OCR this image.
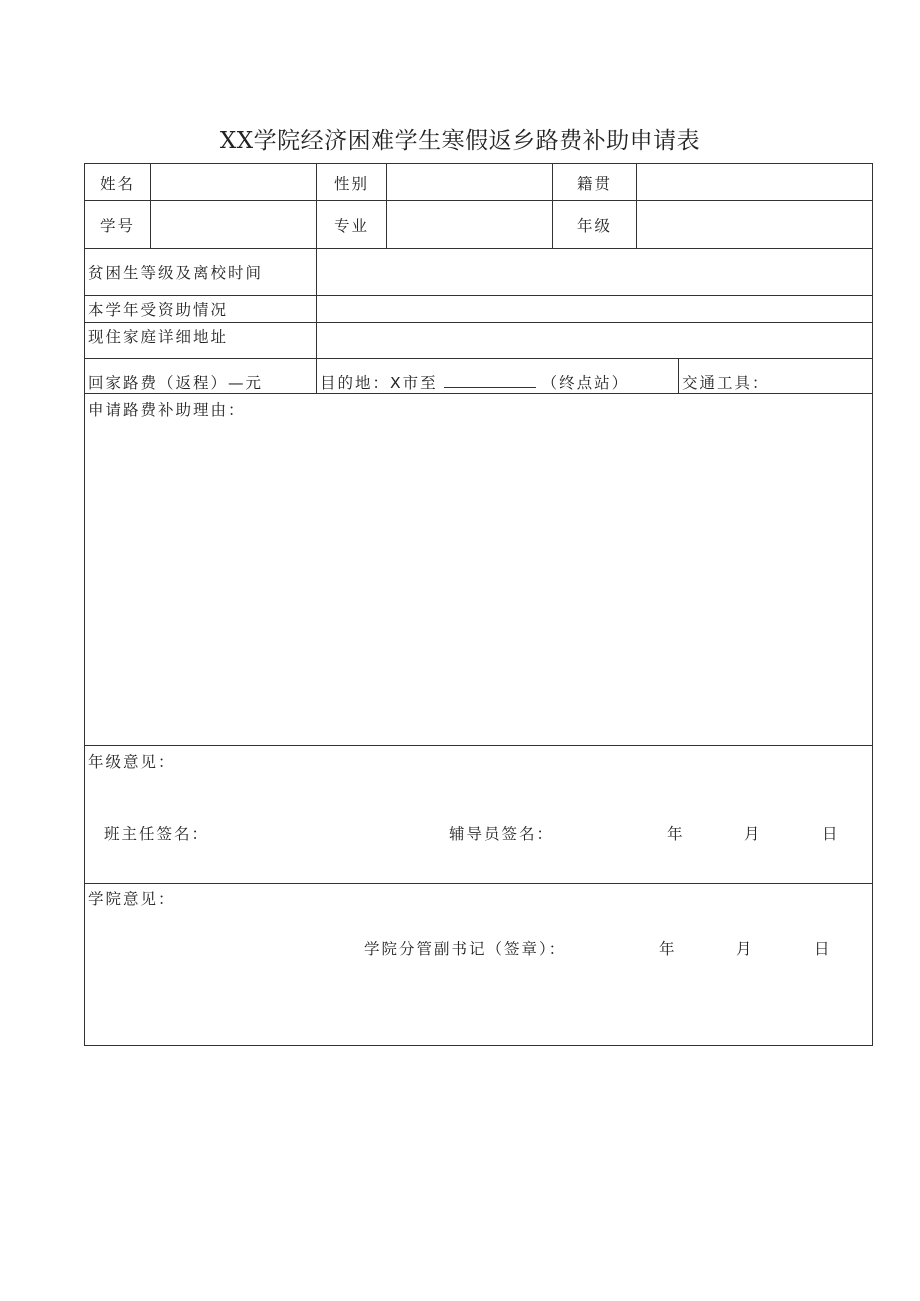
XX学院经济困难学生寒假返乡路费补助申请表
姓名	性别	籍贯
学号	专业	年级
贫困生等级及离校时间
本学年受资助情况
现住家庭详细地址
回家路费（返程）—元	目的地：X市至	（终点站）	交通工具：
申请路费补助理由：
年级意见：
班主任签名：	辅导员签名：	年	月	日
学院意见：
学院分管副书记（签章）：	年	月	日
